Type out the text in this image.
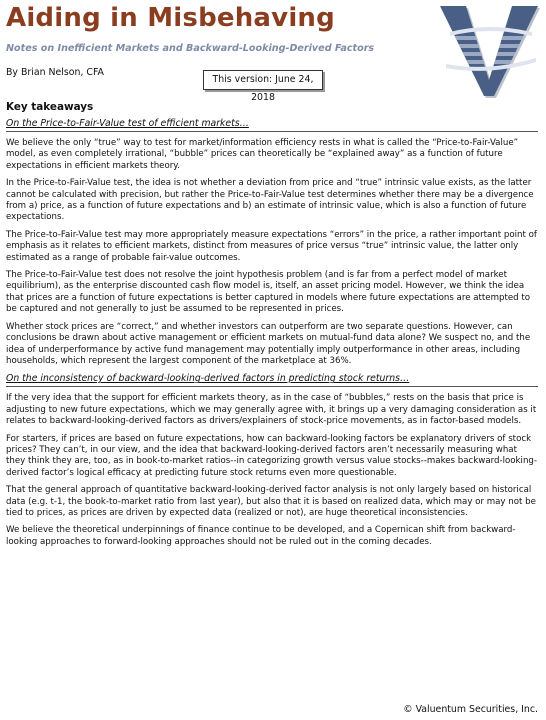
Aiding in Misbehaving
Notes on Inefficient Markets and Backward-Looking-Derived Factors
By Brian Nelson, CFA
This version: June 24, 2018
Key takeaways
On the Price-to-Fair-Value test of efficient markets…

We believe the only “true” way to test for market/information efficiency rests in what is called the “Price-to-Fair-Value” model, as even completely irrational, “bubble” prices can theoretically be “explained away” as a function of future expectations in efficient markets theory.

In the Price-to-Fair-Value test, the idea is not whether a deviation from price and “true” intrinsic value exists, as the latter cannot be calculated with precision, but rather the Price-to-Fair-Value test determines whether there may be a divergence from a) price, as a function of future expectations and b) an estimate of intrinsic value, which is also a function of future expectations.

The Price-to-Fair-Value test may more appropriately measure expectations “errors” in the price, a rather important point of emphasis as it relates to efficient markets, distinct from measures of price versus “true” intrinsic value, the latter only estimated as a range of probable fair-value outcomes.

The Price-to-Fair-Value test does not resolve the joint hypothesis problem (and is far from a perfect model of market equilibrium), as the enterprise discounted cash flow model is, itself, an asset pricing model. However, we think the idea that prices are a function of future expectations is better captured in models where future expectations are attempted to be captured and not generally to just be assumed to be represented in prices.

Whether stock prices are “correct,” and whether investors can outperform are two separate questions. However, can conclusions be drawn about active management or efficient markets on mutual-fund data alone? We suspect no, and the idea of underperformance by active fund management may potentially imply outperformance in other areas, including households, which represent the largest component of the marketplace at 36%.

On the inconsistency of backward-looking-derived factors in predicting stock returns…

If the very idea that the support for efficient markets theory, as in the case of “bubbles,” rests on the basis that price is adjusting to new future expectations, which we may generally agree with, it brings up a very damaging consideration as it relates to backward-looking-derived factors as drivers/explainers of stock-price movements, as in factor-based models.

For starters, if prices are based on future expectations, how can backward-looking factors be explanatory drivers of stock prices? They can’t, in our view, and the idea that backward-looking-derived factors aren’t necessarily measuring what they think they are, too, as in book-to-market ratios--in categorizing growth versus value stocks--makes backward-looking-derived factor’s logical efficacy at predicting future stock returns even more questionable.

That the general approach of quantitative backward-looking-derived factor analysis is not only largely based on historical data (e.g. t-1, the book-to-market ratio from last year), but also that it is based on realized data, which may or may not be tied to prices, as prices are driven by expected data (realized or not), are huge theoretical inconsistencies.

We believe the theoretical underpinnings of finance continue to be developed, and a Copernican shift from backward-looking approaches to forward-looking approaches should not be ruled out in the coming decades.

© Valuentum Securities, Inc.
